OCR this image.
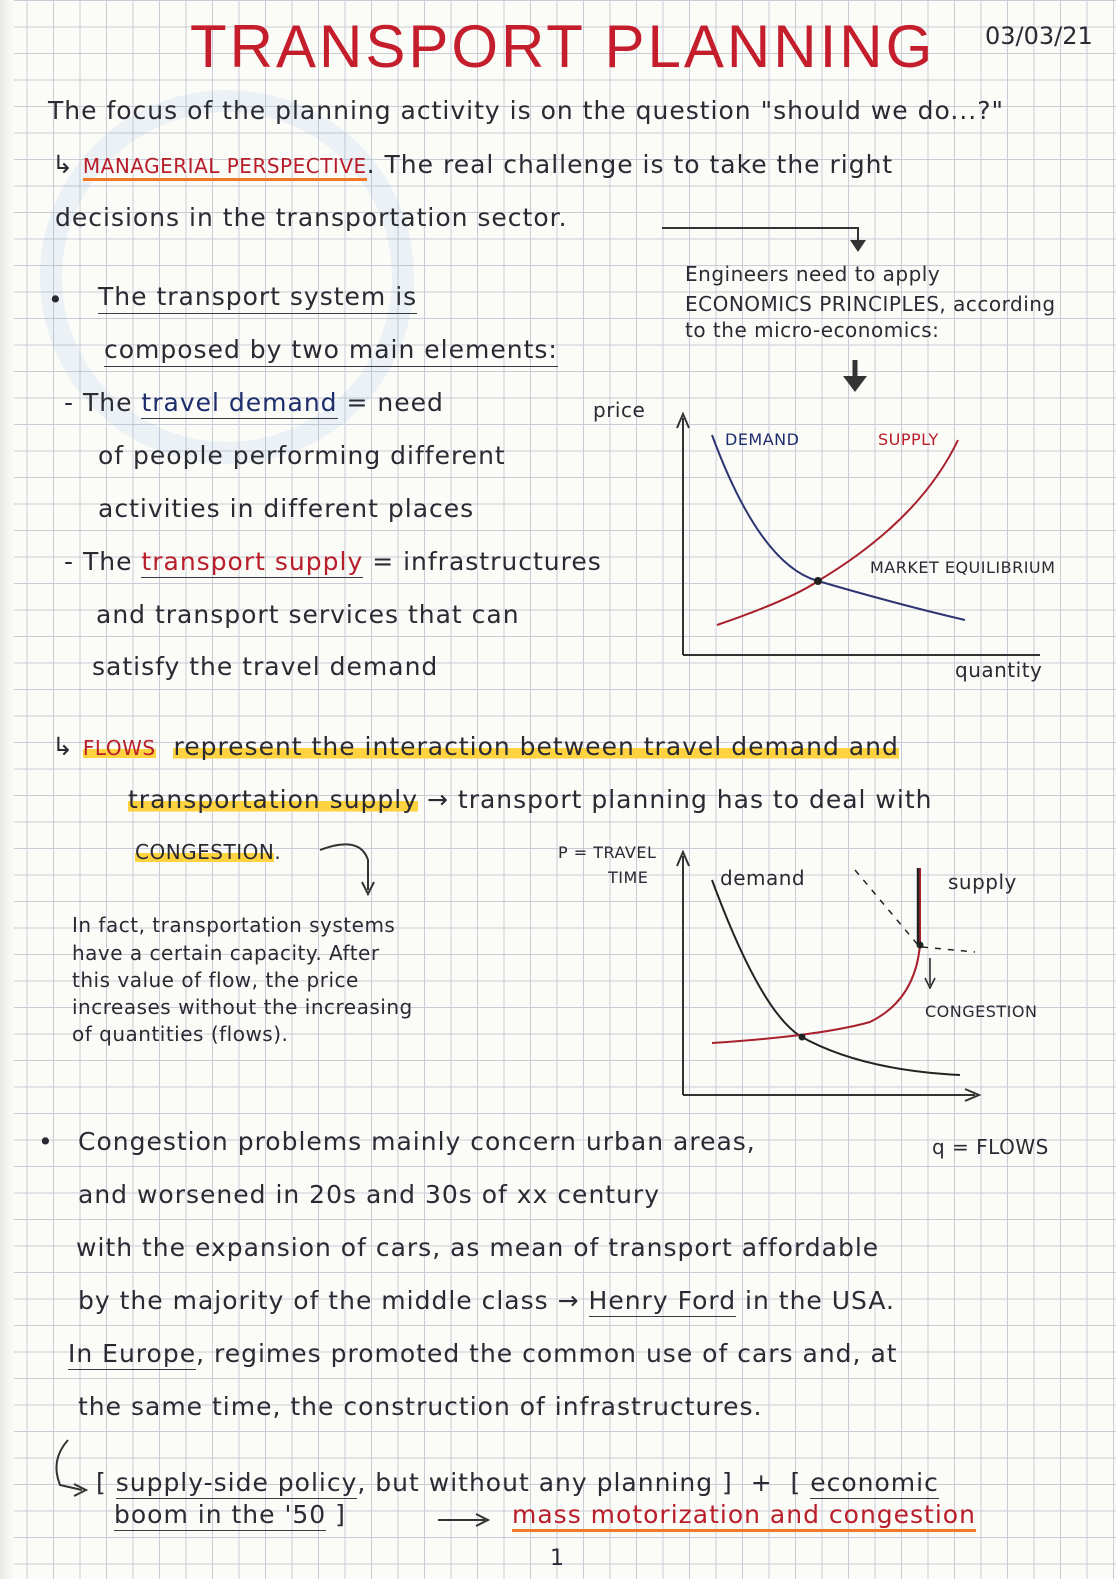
TRANSPORT PLANNING 03/03/21
The focus of the planning activity is on the question "should we do...?"
↳ MANAGERIAL PERSPECTIVE. The real challenge is to take the right
decisions in the transportation sector.
Engineers need to apply
ECONOMICS PRINCIPLES, according
to the micro-economics:
• The transport system is
composed by two main elements:
- The travel demand = need
of people performing different
activities in different places
- The transport supply = infrastructures
and transport services that can
satisfy the travel demand
price
quantity
DEMAND	SUPPLY
MARKET EQUILIBRIUM
↳ FLOWS represent the interaction between travel demand and
transportation supply → transport planning has to deal with
CONGESTION.
In fact, transportation systems
have a certain capacity. After
this value of flow, the price
increases without the increasing
of quantities (flows).
P = TRAVEL
TIME	demand	supply
CONGESTION
• Congestion problems mainly concern urban areas,	q = FLOWS
and worsened in 20s and 30s of xx century
with the expansion of cars, as mean of transport affordable
by the majority of the middle class → Henry Ford in the USA.
In Europe, regimes promoted the common use of cars and, at
the same time, the construction of infrastructures.
[ supply-side policy, but without any planning ]  +  [ economic
boom in the '50 ]	mass motorization and congestion
1
